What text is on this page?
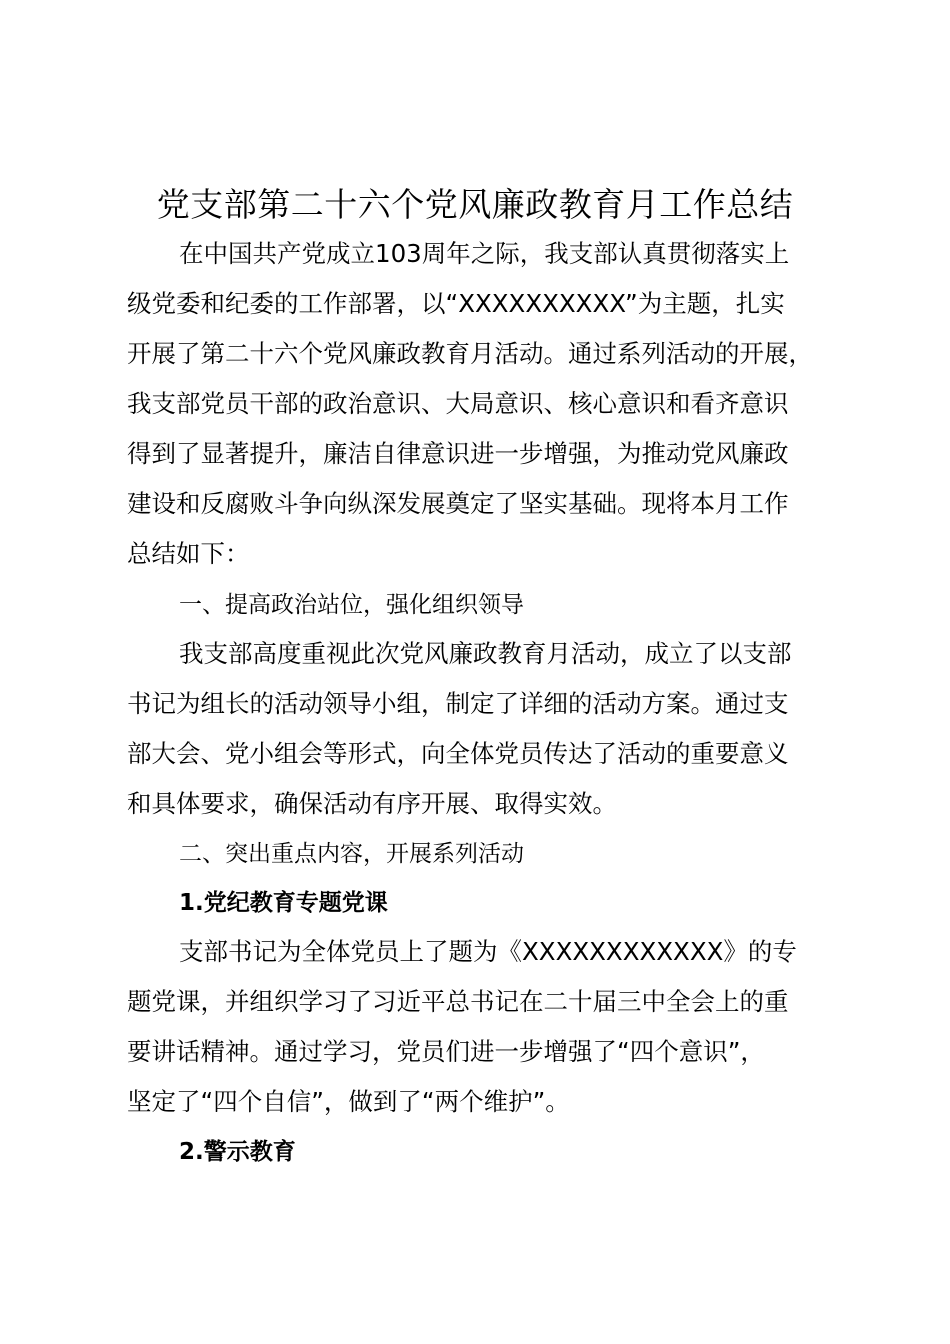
党支部第二十六个党风廉政教育月工作总结
在中国共产党成立103周年之际，我支部认真贯彻落实上
级党委和纪委的工作部署，以“XXXXXXXXXX”为主题，扎实
开展了第二十六个党风廉政教育月活动。通过系列活动的开展，
我支部党员干部的政治意识、大局意识、核心意识和看齐意识
得到了显著提升，廉洁自律意识进一步增强，为推动党风廉政
建设和反腐败斗争向纵深发展奠定了坚实基础。现将本月工作
总结如下：
一、提高政治站位，强化组织领导
我支部高度重视此次党风廉政教育月活动，成立了以支部
书记为组长的活动领导小组，制定了详细的活动方案。通过支
部大会、党小组会等形式，向全体党员传达了活动的重要意义
和具体要求，确保活动有序开展、取得实效。
二、突出重点内容，开展系列活动
1.党纪教育专题党课
支部书记为全体党员上了题为《XXXXXXXXXXXX》的专
题党课，并组织学习了习近平总书记在二十届三中全会上的重
要讲话精神。通过学习，党员们进一步增强了“四个意识”，
坚定了“四个自信”，做到了“两个维护”。
2.警示教育
